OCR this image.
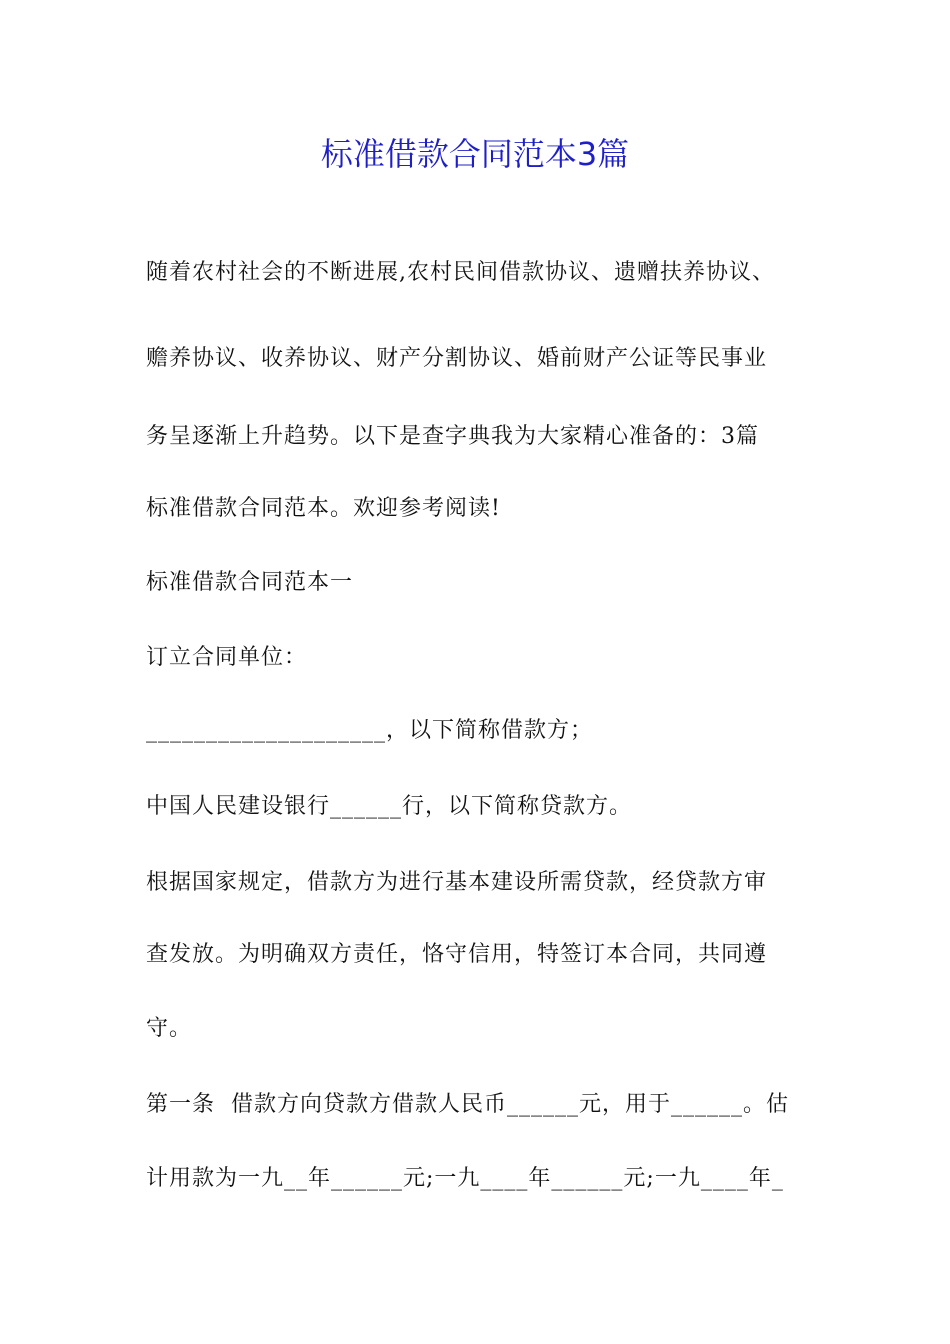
标准借款合同范本3篇
随着农村社会的不断进展,农村民间借款协议、遗赠扶养协议、
赡养协议、收养协议、财产分割协议、婚前财产公证等民事业
务呈逐渐上升趋势。以下是查字典我为大家精心准备的：3篇
标准借款合同范本。欢迎参考阅读!
标准借款合同范本一
订立合同单位：
____________________，以下简称借款方；
中国人民建设银行______行，以下简称贷款方。
根据国家规定，借款方为进行基本建设所需贷款，经贷款方审
查发放。为明确双方责任，恪守信用，特签订本合同，共同遵
守。
第一条  借款方向贷款方借款人民币______元，用于______。估
计用款为一九__年______元;一九____年______元;一九____年_
